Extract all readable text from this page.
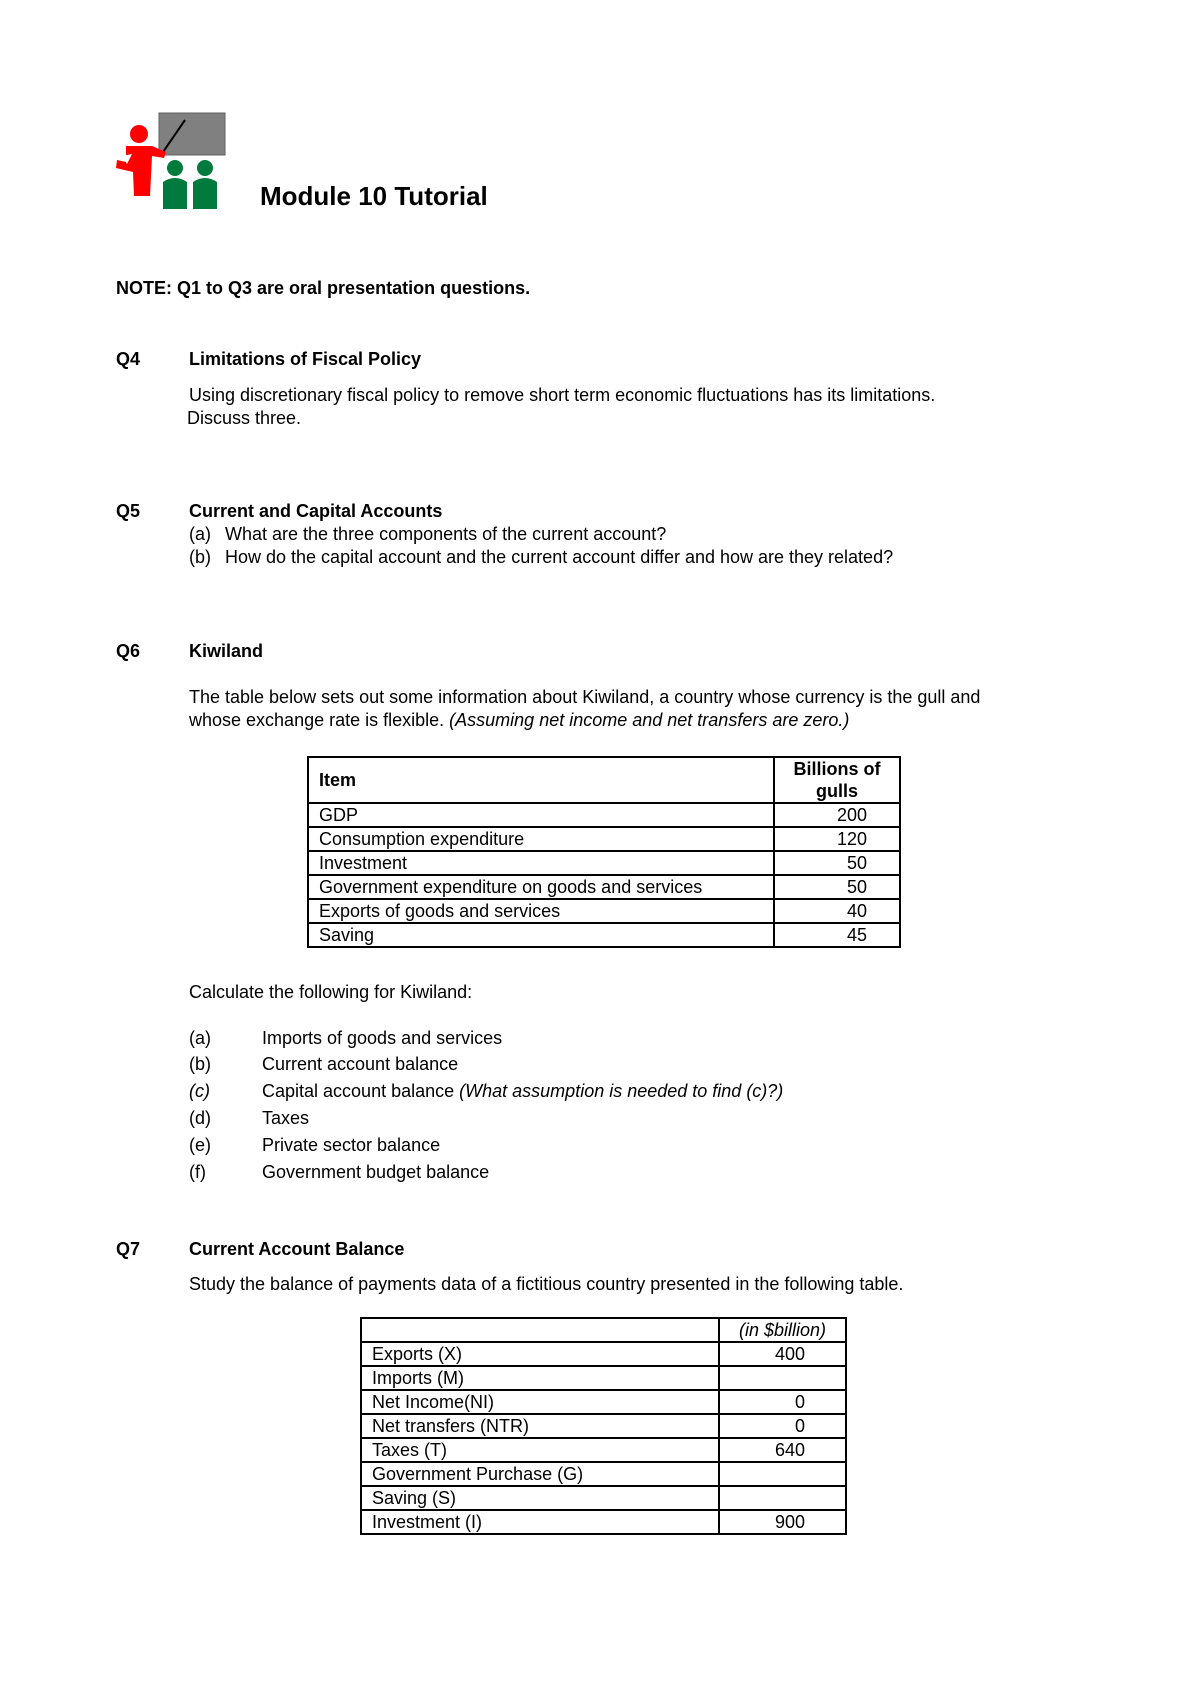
Module 10 Tutorial
NOTE: Q1 to Q3 are oral presentation questions.
Q4	Limitations of Fiscal Policy
Using discretionary fiscal policy to remove short term economic fluctuations has its limitations.
Discuss three.
Q5	Current and Capital Accounts
(a) What are the three components of the current account?
(b) How do the capital account and the current account differ and how are they related?
Q6	Kiwiland
The table below sets out some information about Kiwiland, a country whose currency is the gull and
whose exchange rate is flexible. (Assuming net income and net transfers are zero.)
Item	Billions of gulls
GDP	200
Consumption expenditure	120
Investment	50
Government expenditure on goods and services	50
Exports of goods and services	40
Saving	45
Calculate the following for Kiwiland:
(a)	Imports of goods and services
(b)	Current account balance
(c)	Capital account balance (What assumption is needed to find (c)?)
(d)	Taxes
(e)	Private sector balance
(f)	Government budget balance
Q7	Current Account Balance
Study the balance of payments data of a fictitious country presented in the following table.
	(in $billion)
Exports (X)	400
Imports (M)	
Net Income(NI)	0
Net transfers (NTR)	0
Taxes (T)	640
Government Purchase (G)	
Saving (S)	
Investment (I)	900
